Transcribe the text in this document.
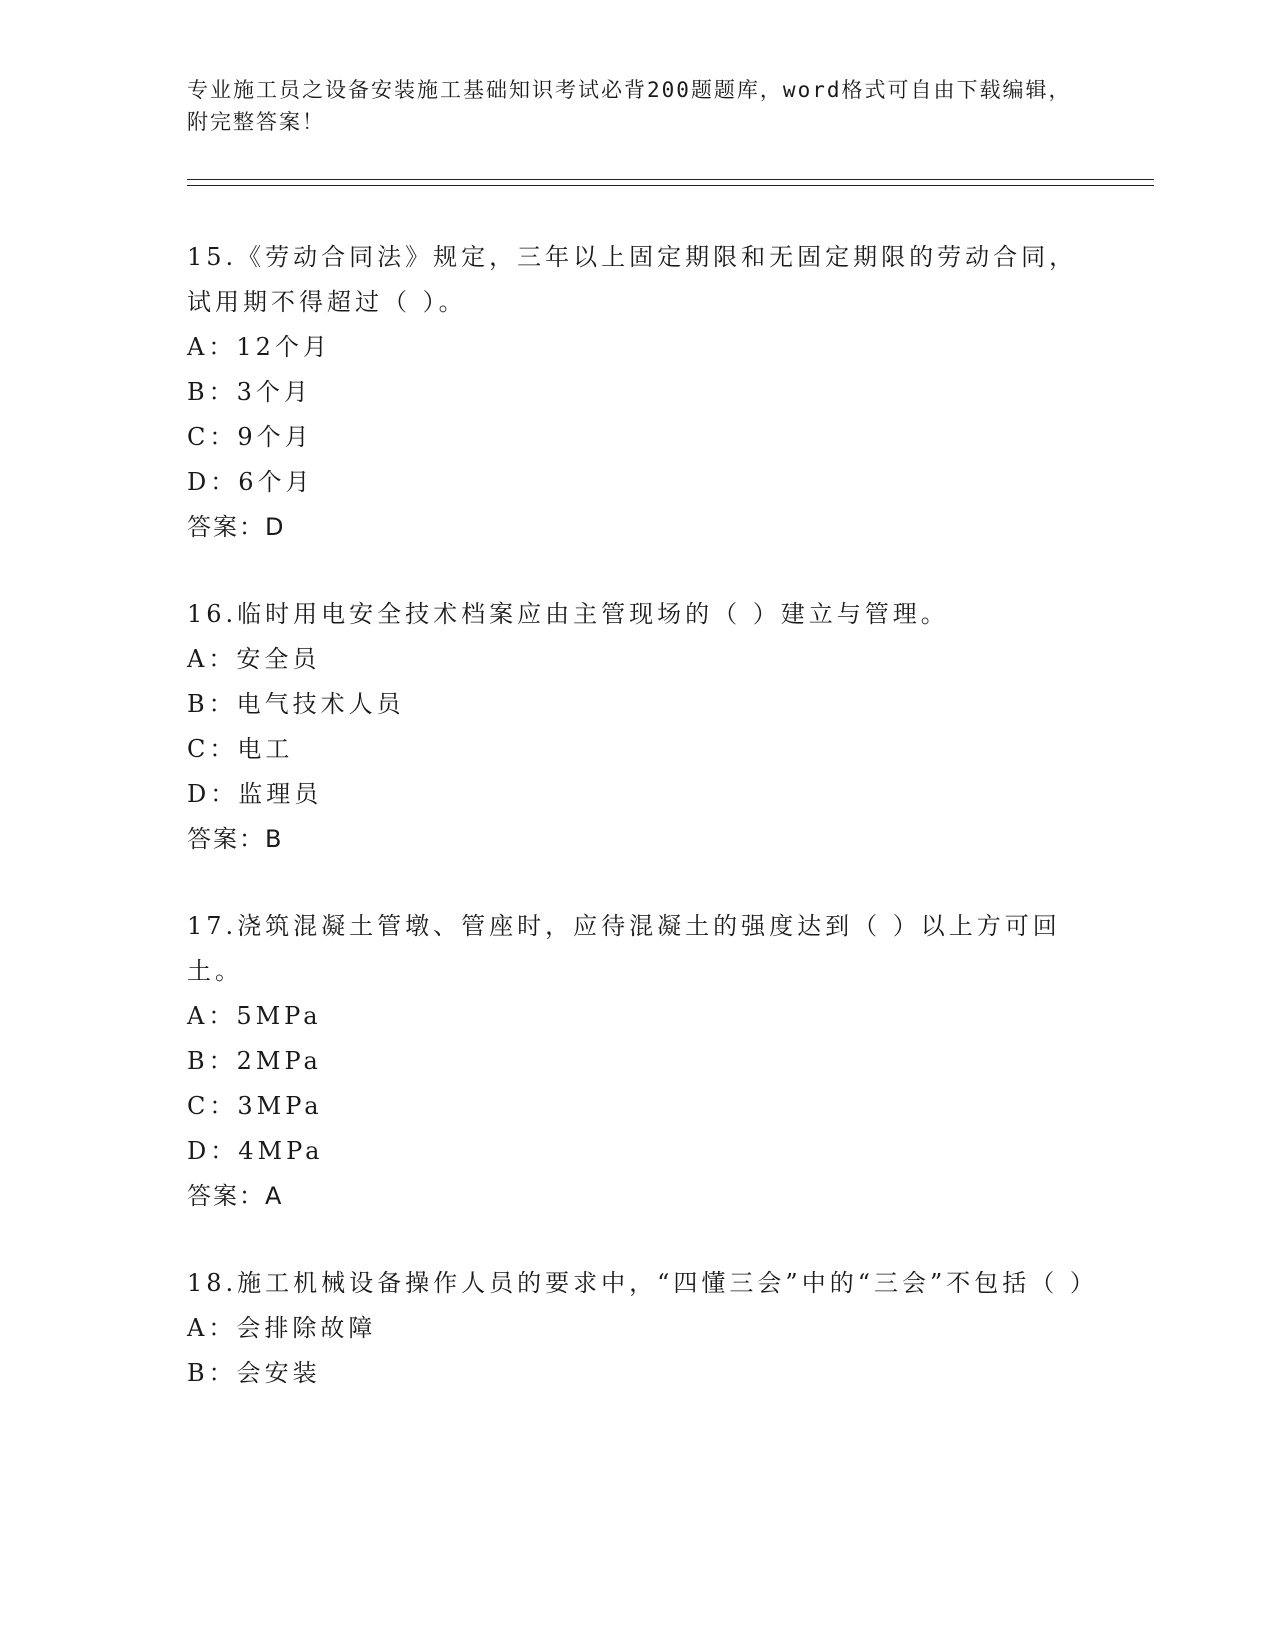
专业施工员之设备安装施工基础知识考试必背200题题库，word格式可自由下载编辑，附完整答案！

15.《劳动合同法》规定，三年以上固定期限和无固定期限的劳动合同，试用期不得超过（ ）。

A：12个月

B：3个月

C：9个月

D：6个月

答案：D

16.临时用电安全技术档案应由主管现场的（ ）建立与管理。

A：安全员

B：电气技术人员

C：电工

D：监理员

答案：B

17.浇筑混凝土管墩、管座时，应待混凝土的强度达到（ ）以上方可回土。

A：5MPa

B：2MPa

C：3MPa

D：4MPa

答案：A

18.施工机械设备操作人员的要求中，“四懂三会”中的“三会”不包括（ ）

A：会排除故障

B：会安装
